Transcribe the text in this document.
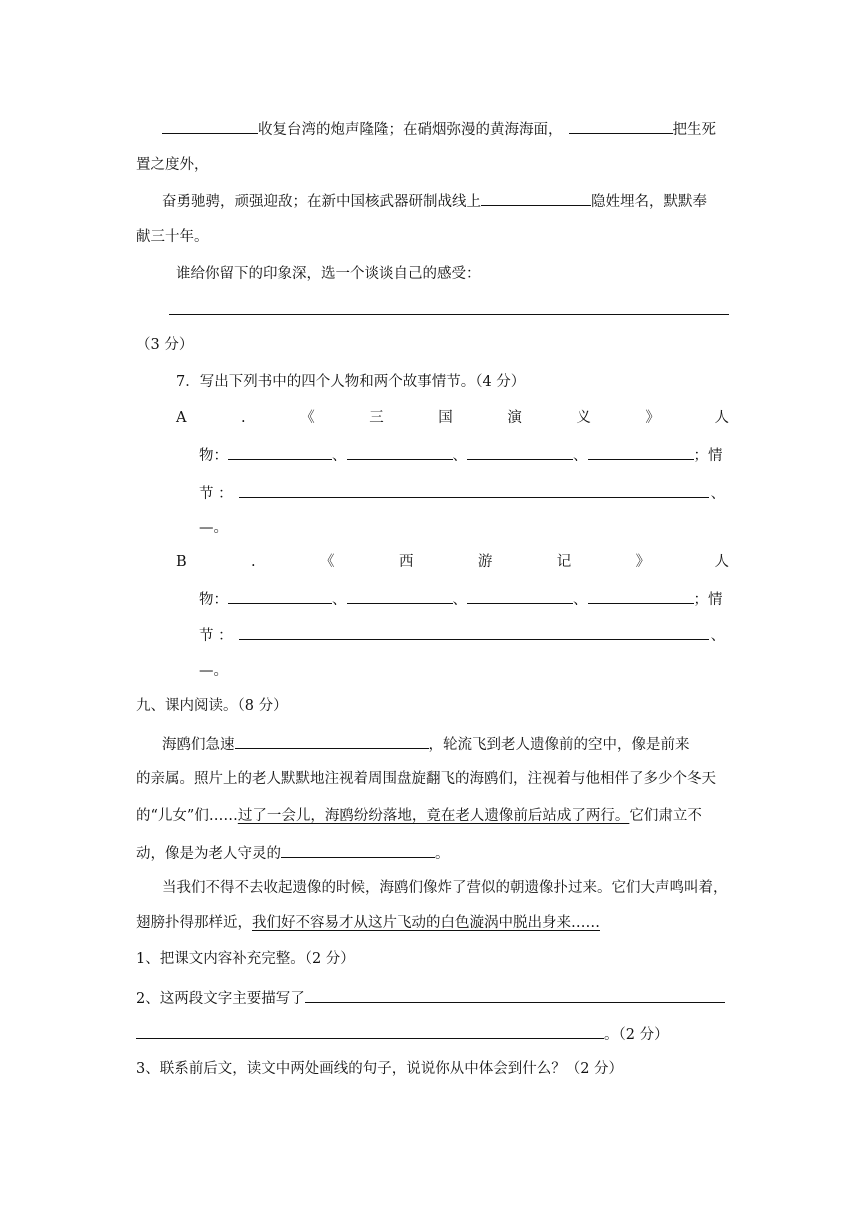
收复台湾的炮声隆隆；在硝烟弥漫的黄海海面，	把生死
置之度外，
奋勇驰骋，顽强迎敌；在新中国核武器研制战线上	隐姓埋名，默默奉
献三十年。
谁给你留下的印象深，选一个谈谈自己的感受：
（3 分）
7．写出下列书中的四个人物和两个故事情节。（4 分）
A	.	《	三	国	演	义	》	人
物：	、	、	、	；情
节 ：	、
—。
B	.	《	西	游	记	》	人
物：	、	、	、	；情
节 ：	、
—。
九、课内阅读。（8 分）
海鸥们急速	，轮流飞到老人遗像前的空中，像是前来
的亲属。照片上的老人默默地注视着周围盘旋翻飞的海鸥们，注视着与他相伴了多少个冬天
的“儿女”们……过了一会儿，海鸥纷纷落地，竟在老人遗像前后站成了两行。它们肃立不
动，像是为老人守灵的	。
当我们不得不去收起遗像的时候，海鸥们像炸了营似的朝遗像扑过来。它们大声鸣叫着，
翅膀扑得那样近，我们好不容易才从这片飞动的白色漩涡中脱出身来……
1、把课文内容补充完整。（2 分）
2、这两段文字主要描写了
。（2 分）
3、联系前后文，读文中两处画线的句子，说说你从中体会到什么？（2 分）
